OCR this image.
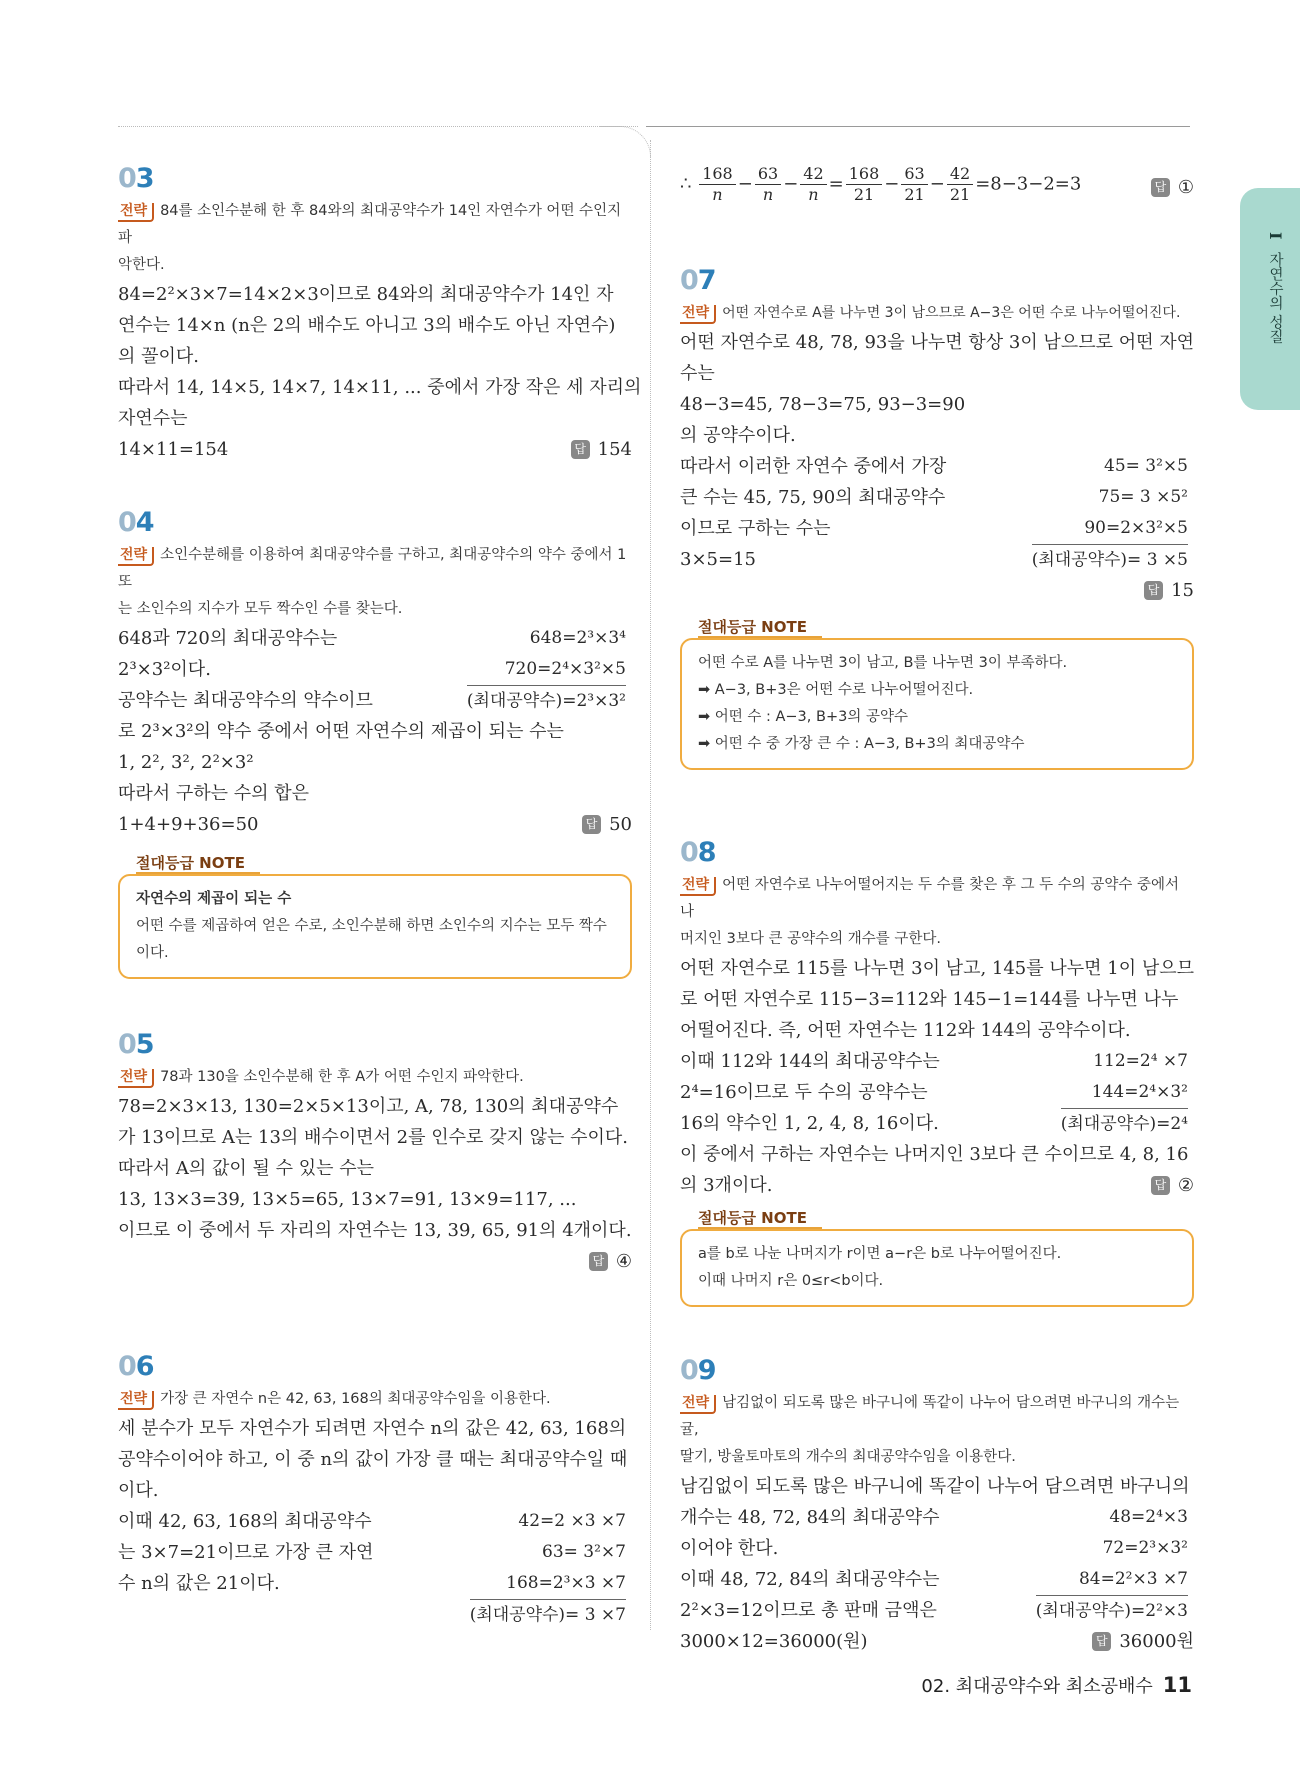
I 자연수의 성질
03
전략 84를 소인수분해 한 후 84와의 최대공약수가 14인 자연수가 어떤 수인지 파
악한다.

84=2²×3×7=14×2×3이므로 84와의 최대공약수가 14인 자

연수는 14×n (n은 2의 배수도 아니고 3의 배수도 아닌 자연수)

의 꼴이다.

따라서 14, 14×5, 14×7, 14×11, ... 중에서 가장 작은 세 자리의

자연수는

14×11=154	답 154
04
전략 소인수분해를 이용하여 최대공약수를 구하고, 최대공약수의 약수 중에서 1 또
는 소인수의 지수가 모두 짝수인 수를 찾는다.

648과 720의 최대공약수는

2³×3²이다.

공약수는 최대공약수의 약수이므

648=2³×3⁴
720=2⁴×3²×5
(최대공약수)=2³×3²

로 2³×3²의 약수 중에서 어떤 자연수의 제곱이 되는 수는

1, 2², 3², 2²×3²

따라서 구하는 수의 합은

1+4+9+36=50	답 50
절대등급 NOTE
자연수의 제곱이 되는 수
어떤 수를 제곱하여 얻은 수로, 소인수분해 하면 소인수의 지수는 모두 짝수
이다.
05
전략 78과 130을 소인수분해 한 후 A가 어떤 수인지 파악한다.

78=2×3×13, 130=2×5×13이고, A, 78, 130의 최대공약수

가 13이므로 A는 13의 배수이면서 2를 인수로 갖지 않는 수이다.

따라서 A의 값이 될 수 있는 수는

13, 13×3=39, 13×5=65, 13×7=91, 13×9=117, ...

이므로 이 중에서 두 자리의 자연수는 13, 39, 65, 91의 4개이다.

답 ④
06
전략 가장 큰 자연수 n은 42, 63, 168의 최대공약수임을 이용한다.

세 분수가 모두 자연수가 되려면 자연수 n의 값은 42, 63, 168의

공약수이어야 하고, 이 중 n의 값이 가장 클 때는 최대공약수일 때

이다.

이때 42, 63, 168의 최대공약수

는 3×7=21이므로 가장 큰 자연

수 n의 값은 21이다.

42=2 ×3 ×7
63= 3²×7
168=2³×3 ×7
(최대공약수)= 3 ×7
∴ $\frac{168}{n} - \frac{63}{n} - \frac{42}{n} = \frac{168}{21} - \frac{63}{21} - \frac{42}{21} =8-3-2=3$	답 ①
07
전략 어떤 자연수로 A를 나누면 3이 남으므로 A−3은 어떤 수로 나누어떨어진다.

어떤 자연수로 48, 78, 93을 나누면 항상 3이 남으므로 어떤 자연

수는

48−3=45, 78−3=75, 93−3=90

의 공약수이다.

따라서 이러한 자연수 중에서 가장

큰 수는 45, 75, 90의 최대공약수

이므로 구하는 수는

3×5=15

45= 3²×5
75= 3 ×5²
90=2×3²×5
(최대공약수)= 3 ×5
답 15
절대등급 NOTE
어떤 수로 A를 나누면 3이 남고, B를 나누면 3이 부족하다.
➡ A−3, B+3은 어떤 수로 나누어떨어진다.
➡ 어떤 수 : A−3, B+3의 공약수
➡ 어떤 수 중 가장 큰 수 : A−3, B+3의 최대공약수
08
전략 어떤 자연수로 나누어떨어지는 두 수를 찾은 후 그 두 수의 공약수 중에서 나
머지인 3보다 큰 공약수의 개수를 구한다.

어떤 자연수로 115를 나누면 3이 남고, 145를 나누면 1이 남으므

로 어떤 자연수로 115−3=112와 145−1=144를 나누면 나누

어떨어진다. 즉, 어떤 자연수는 112와 144의 공약수이다.

이때 112와 144의 최대공약수는

2⁴=16이므로 두 수의 공약수는

16의 약수인 1, 2, 4, 8, 16이다.

112=2⁴ ×7
144=2⁴×3²
(최대공약수)=2⁴

이 중에서 구하는 자연수는 나머지인 3보다 큰 수이므로 4, 8, 16

의 3개이다.	답 ②
절대등급 NOTE
a를 b로 나눈 나머지가 r이면 a−r은 b로 나누어떨어진다.
이때 나머지 r은 0≤r<b이다.
09
전략 남김없이 되도록 많은 바구니에 똑같이 나누어 담으려면 바구니의 개수는 귤,
딸기, 방울토마토의 개수의 최대공약수임을 이용한다.

남김없이 되도록 많은 바구니에 똑같이 나누어 담으려면 바구니의

개수는 48, 72, 84의 최대공약수

이어야 한다.

이때 48, 72, 84의 최대공약수는

2²×3=12이므로 총 판매 금액은

3000×12=36000(원)

48=2⁴×3
72=2³×3²
84=2²×3 ×7
(최대공약수)=2²×3
답 36000원
02. 최대공약수와 최소공배수 11
